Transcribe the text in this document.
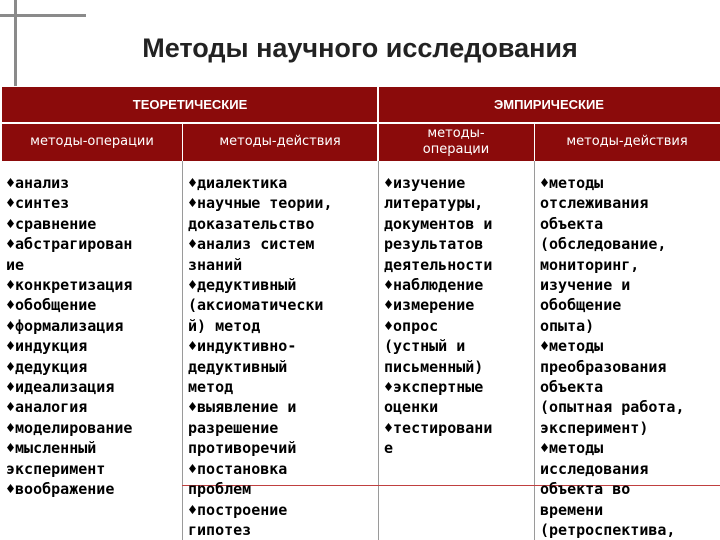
Методы научного исследования
ТЕОРЕТИЧЕСКИЕ	ЭМПИРИЧЕСКИЕ
методы-операции	методы-действия
методы-
операции
методы-действия
♦анализ
♦синтез
♦сравнение
♦абстрагирован
ие
♦конкретизация
♦обобщение
♦формализация
♦индукция
♦дедукция
♦идеализация
♦аналогия
♦моделирование
♦мысленный
эксперимент
♦воображение
♦диалектика
♦научные теории,
доказательство
♦анализ систем
знаний
♦дедуктивный
(аксиоматически
й) метод
♦индуктивно-
дедуктивный
метод
♦выявление и
разрешение
противоречий
♦постановка
проблем
♦построение
гипотез
♦изучение
литературы,
документов и
результатов
деятельности
♦наблюдение
♦измерение
♦опрос
(устный и
письменный)
♦экспертные
оценки
♦тестировани
е
♦методы
отслеживания
объекта
(обследование,
мониторинг,
изучение и
обобщение
опыта)
♦методы
преобразования
объекта
(опытная работа,
эксперимент)
♦методы
исследования
объекта во
времени
(ретроспектива,
